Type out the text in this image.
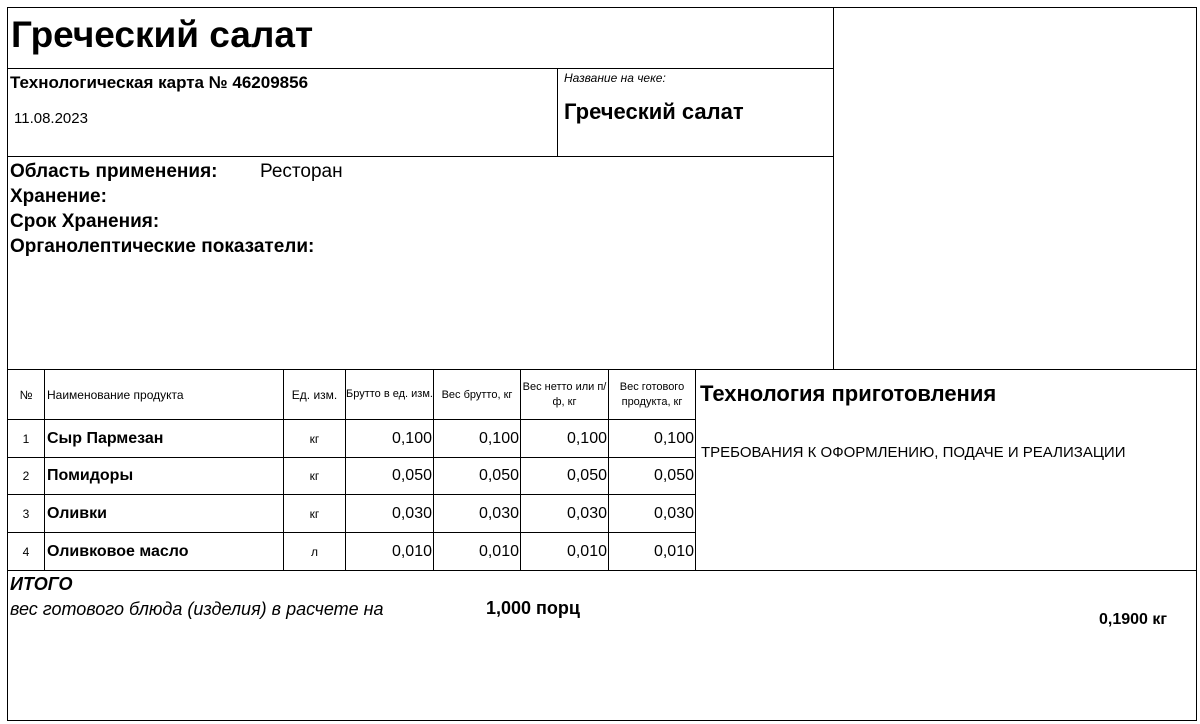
Греческий салат
Технологическая карта № 46209856
11.08.2023
Название на чеке:
Греческий салат
Область применения: Ресторан
Хранение:
Срок Хранения:
Органолептические показатели:
№	Наименование продукта	Ед. изм.	Брутто в ед. изм.	Вес брутто, кг	Вес нетто или п/ф, кг	Вес готового продукта, кг
1	Сыр Пармезан	кг	0,100	0,100	0,100	0,100
2	Помидоры	кг	0,050	0,050	0,050	0,050
3	Оливки	кг	0,030	0,030	0,030	0,030
4	Оливковое масло	л	0,010	0,010	0,010	0,010
Технология приготовления
ТРЕБОВАНИЯ К ОФОРМЛЕНИЮ, ПОДАЧЕ И РЕАЛИЗАЦИИ
ИТОГО
вес готового блюда (изделия) в расчете на	1,000 порц
0,1900 кг
